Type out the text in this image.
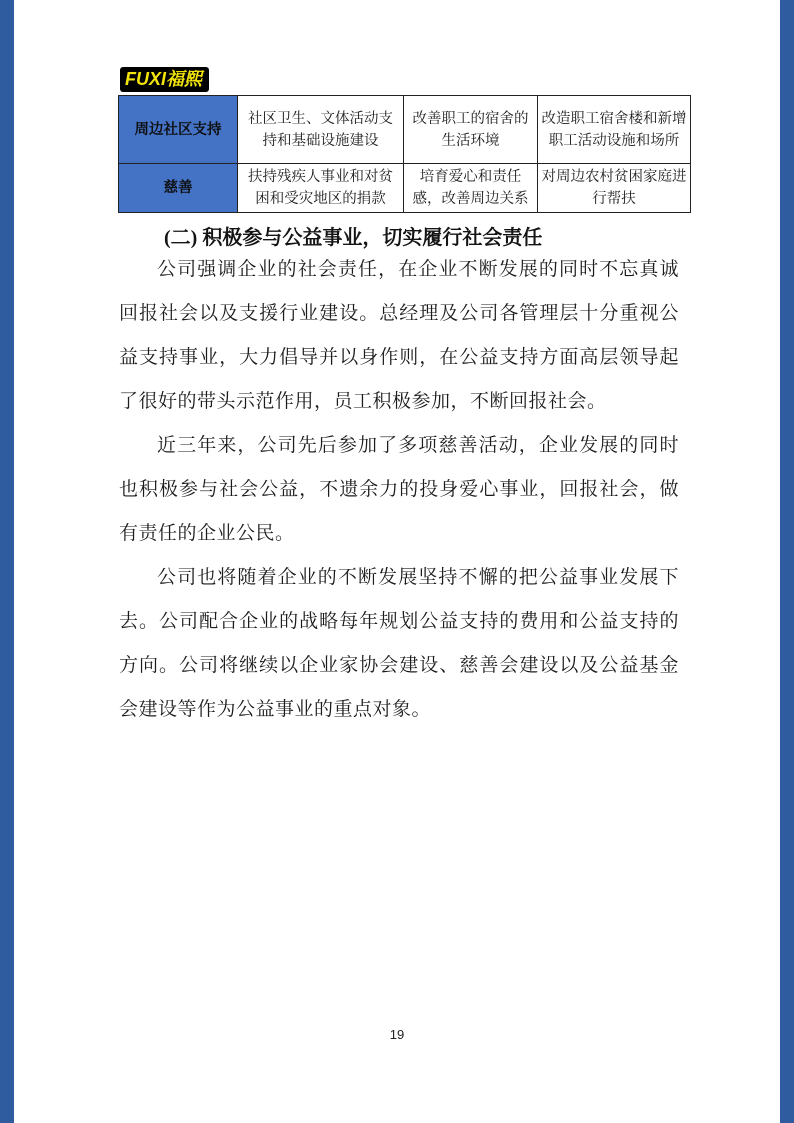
FUXI福熙
周边社区支持	社区卫生、文体活动支持和基础设施建设	改善职工的宿舍的生活环境	改造职工宿舍楼和新增职工活动设施和场所
慈善	扶持残疾人事业和对贫困和受灾地区的捐款	培育爱心和责任感，改善周边关系	对周边农村贫困家庭进行帮扶
(二) 积极参与公益事业，切实履行社会责任

公司强调企业的社会责任，在企业不断发展的同时不忘真诚回报社会以及支援行业建设。总经理及公司各管理层十分重视公益支持事业，大力倡导并以身作则，在公益支持方面高层领导起了很好的带头示范作用，员工积极参加，不断回报社会。

近三年来，公司先后参加了多项慈善活动，企业发展的同时也积极参与社会公益，不遗余力的投身爱心事业，回报社会，做有责任的企业公民。

公司也将随着企业的不断发展坚持不懈的把公益事业发展下去。公司配合企业的战略每年规划公益支持的费用和公益支持的方向。公司将继续以企业家协会建设、慈善会建设以及公益基金会建设等作为公益事业的重点对象。

19
